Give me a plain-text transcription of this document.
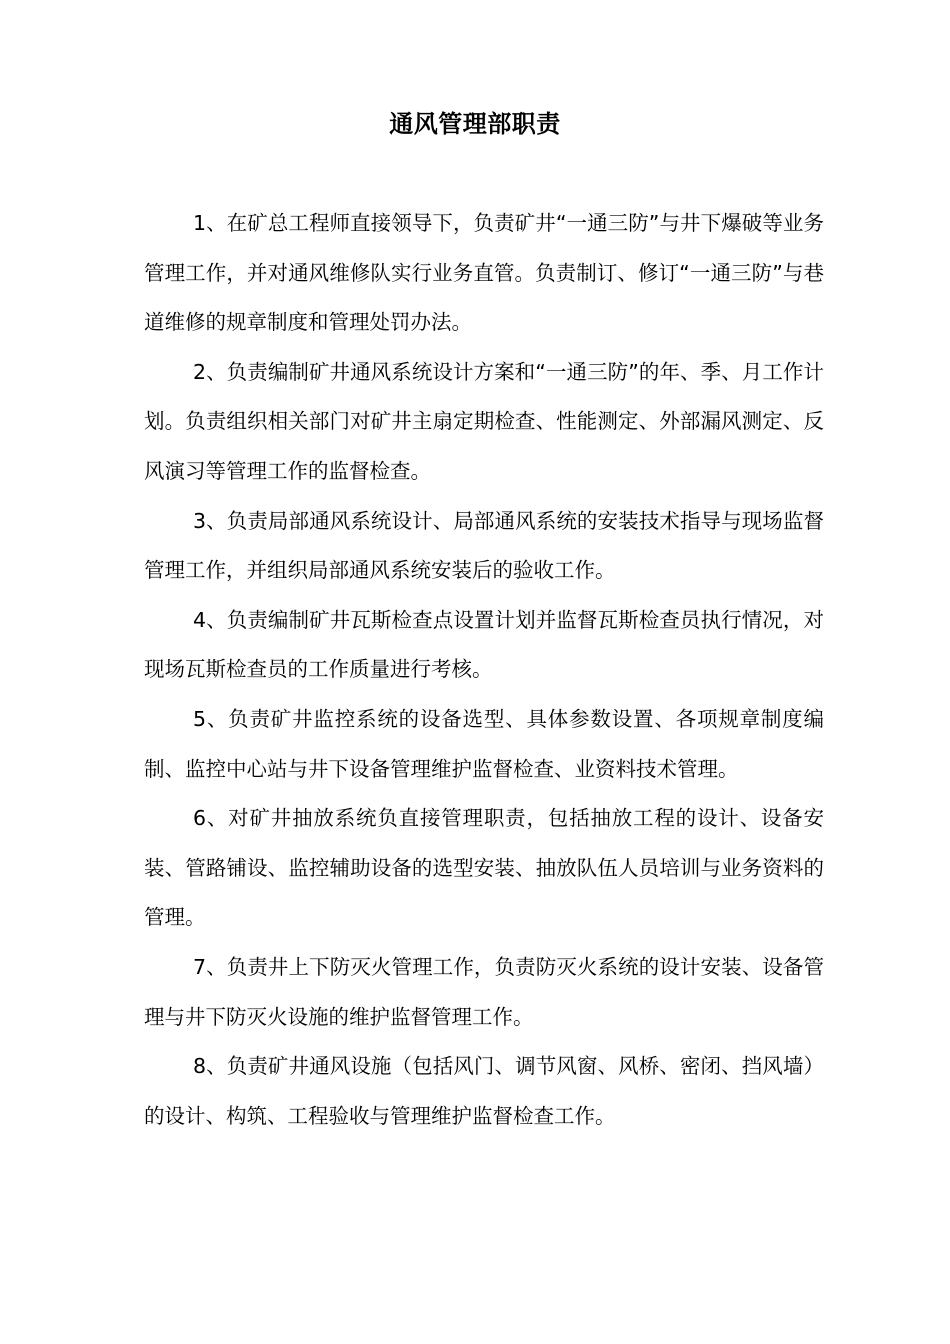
通风管理部职责

1、在矿总工程师直接领导下，负责矿井“一通三防”与井下爆破等业务管理工作，并对通风维修队实行业务直管。负责制订、修订“一通三防”与巷道维修的规章制度和管理处罚办法。

2、负责编制矿井通风系统设计方案和“一通三防”的年、季、月工作计划。负责组织相关部门对矿井主扇定期检查、性能测定、外部漏风测定、反风演习等管理工作的监督检查。

3、负责局部通风系统设计、局部通风系统的安装技术指导与现场监督管理工作，并组织局部通风系统安装后的验收工作。

4、负责编制矿井瓦斯检查点设置计划并监督瓦斯检查员执行情况，对现场瓦斯检查员的工作质量进行考核。

5、负责矿井监控系统的设备选型、具体参数设置、各项规章制度编制、监控中心站与井下设备管理维护监督检查、业资料技术管理。

6、对矿井抽放系统负直接管理职责，包括抽放工程的设计、设备安装、管路铺设、监控辅助设备的选型安装、抽放队伍人员培训与业务资料的管理。

7、负责井上下防灭火管理工作，负责防灭火系统的设计安装、设备管理与井下防灭火设施的维护监督管理工作。

8、负责矿井通风设施（包括风门、调节风窗、风桥、密闭、挡风墙）的设计、构筑、工程验收与管理维护监督检查工作。
